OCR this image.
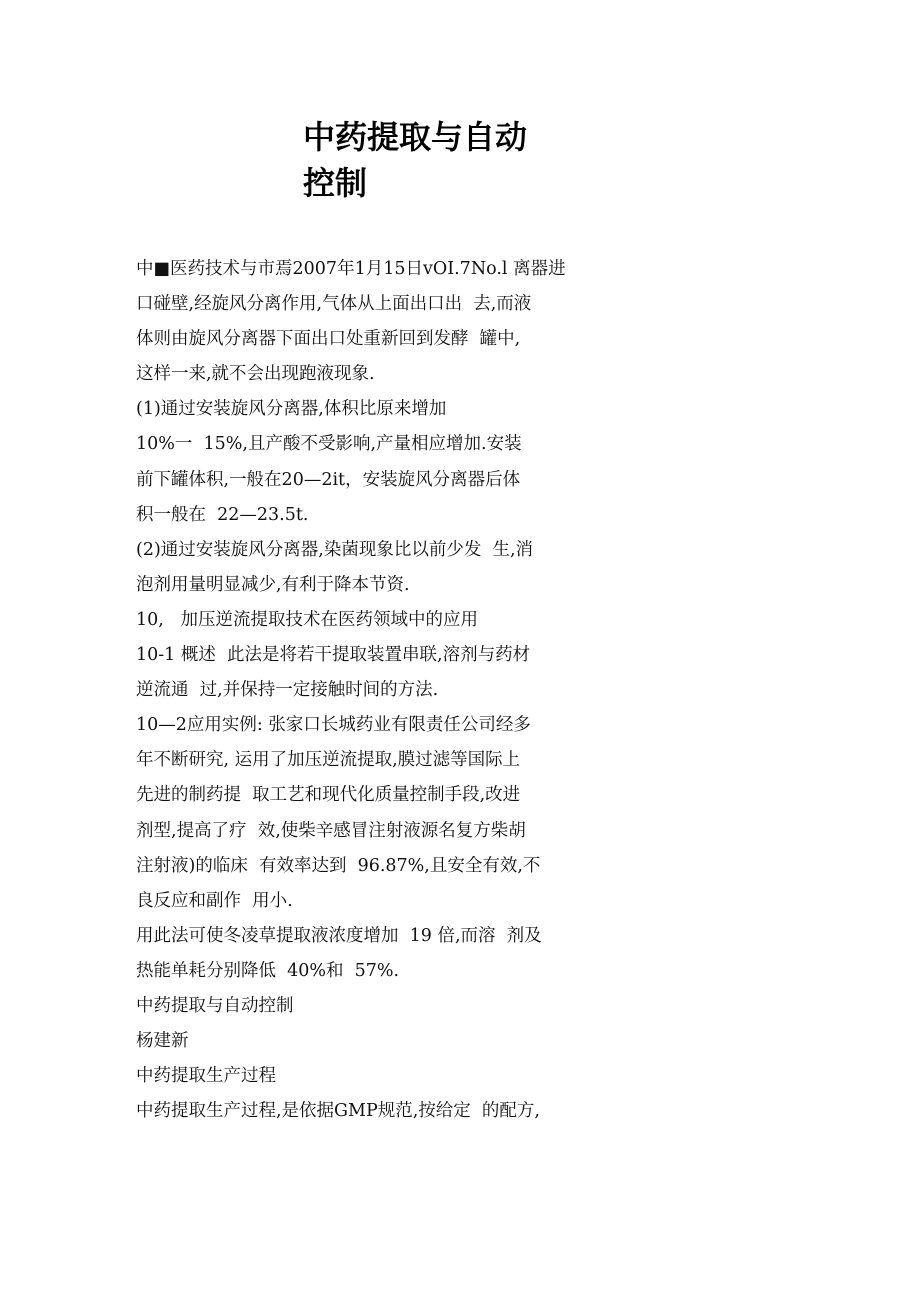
中药提取与自动
控制
中■医药技术与市焉2007年1月15日vOI.7No.l 离器进
口碰壁,经旋风分离作用,气体从上面出口出  去,而液
体则由旋风分离器下面出口处重新回到发酵  罐中,
这样一来,就不会出现跑液现象.
(1)通过安装旋风分离器,体积比原来增加
10%一  15%,且产酸不受影响,产量相应增加.安装
前下罐体积,一般在20—2it，安装旋风分离器后体
积一般在  22—23.5t.
(2)通过安装旋风分离器,染菌现象比以前少发  生,消
泡剂用量明显减少,有利于降本节资.
10,   加压逆流提取技术在医药领域中的应用
10-1 概述  此法是将若干提取装置串联,溶剂与药材
逆流通  过,并保持一定接触时间的方法.
10—2应用实例: 张家口长城药业有限责任公司经多
年不断研究, 运用了加压逆流提取,膜过滤等国际上
先进的制药提  取工艺和现代化质量控制手段,改进
剂型,提高了疗  效,使柴辛感冒注射液源名复方柴胡
注射液)的临床  有效率达到  96.87%,且安全有效,不
良反应和副作  用小.
用此法可使冬凌草提取液浓度增加  19 倍,而溶  剂及
热能单耗分别降低  40%和  57%.
中药提取与自动控制
杨建新
中药提取生产过程
中药提取生产过程,是依据GMP规范,按给定  的配方,
